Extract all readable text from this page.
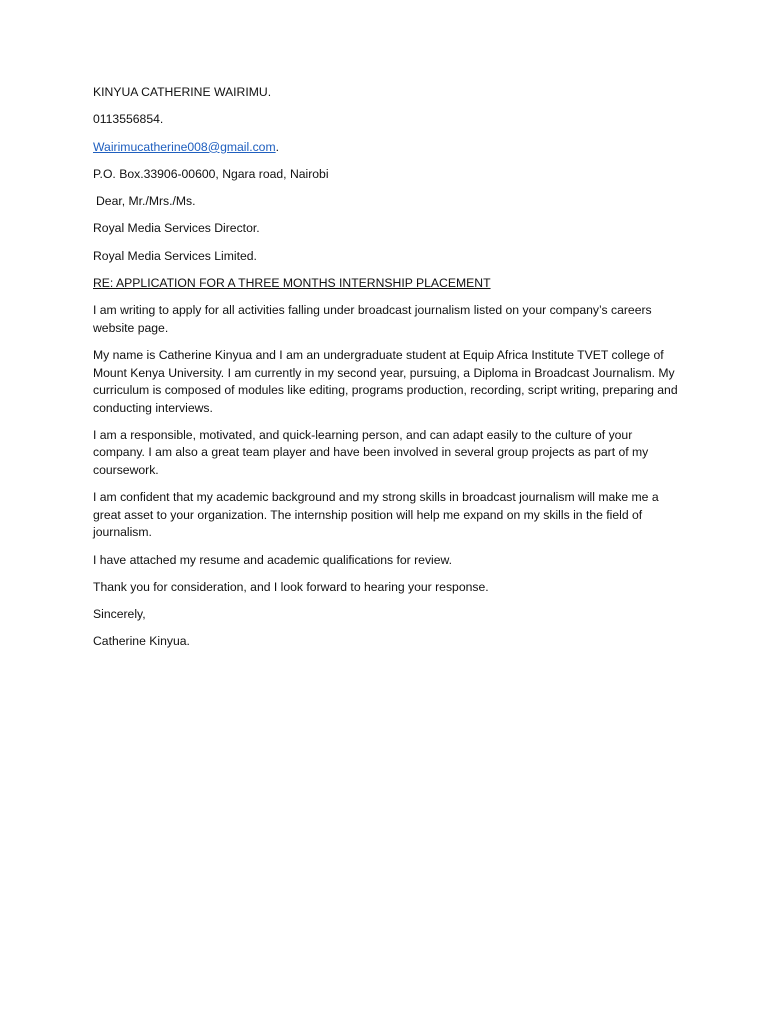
KINYUA CATHERINE WAIRIMU.
0113556854.
Wairimucatherine008@gmail.com.
P.O. Box.33906-00600, Ngara road, Nairobi
Dear, Mr./Mrs./Ms.
Royal Media Services Director.
Royal Media Services Limited.
RE: APPLICATION FOR A THREE MONTHS INTERNSHIP PLACEMENT
I am writing to apply for all activities falling under broadcast journalism listed on your company’s careers website page.
My name is Catherine Kinyua and I am an undergraduate student at Equip Africa Institute TVET college of Mount Kenya University. I am currently in my second year, pursuing, a Diploma in Broadcast Journalism. My curriculum is composed of modules like editing, programs production, recording, script writing, preparing and conducting interviews.
I am a responsible, motivated, and quick-learning person, and can adapt easily to the culture of your company. I am also a great team player and have been involved in several group projects as part of my coursework.
I am confident that my academic background and my strong skills in broadcast journalism will make me a great asset to your organization. The internship position will help me expand on my skills in the field of journalism.
I have attached my resume and academic qualifications for review.
Thank you for consideration, and I look forward to hearing your response.
Sincerely,
Catherine Kinyua.
